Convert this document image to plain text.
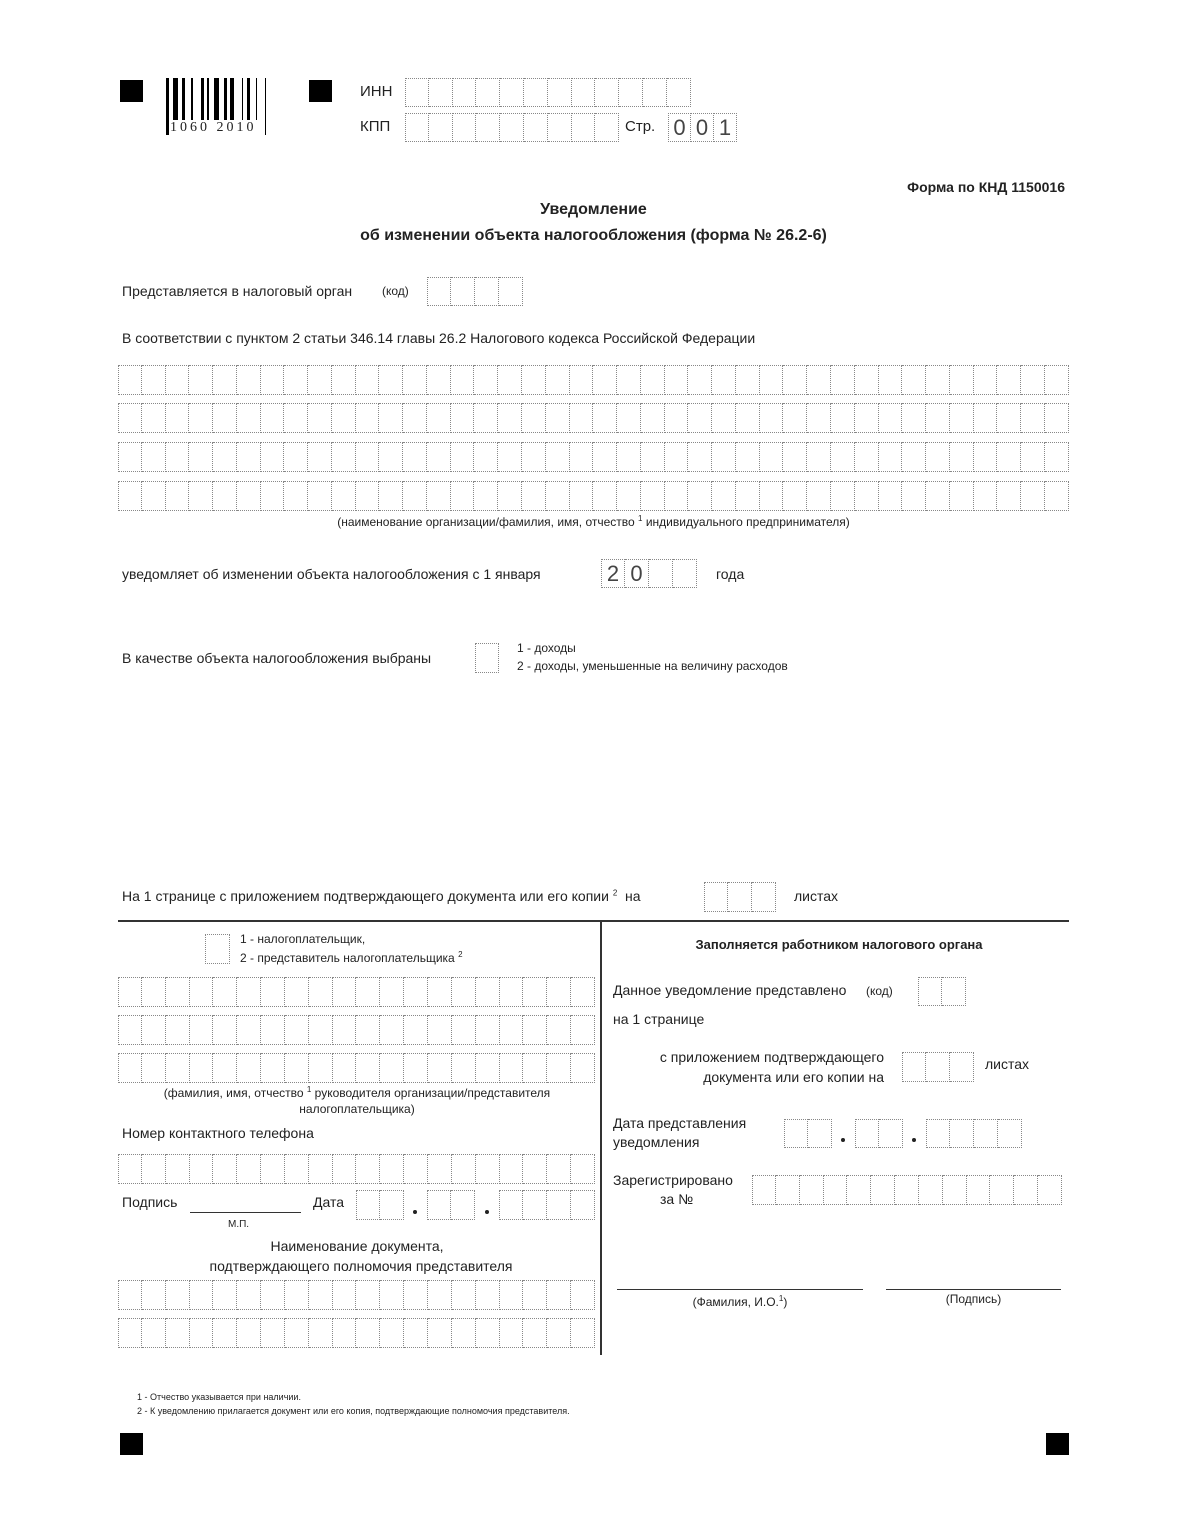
1060 2010
ИНН
КПП	Стр. 0 0 1
Форма по КНД 1150016
Уведомление
об изменении объекта налогообложения (форма № 26.2-6)
Представляется в налоговый орган (код)
В соответствии с пунктом 2 статьи 346.14 главы 26.2 Налогового кодекса Российской Федерации
(наименование организации/фамилия, имя, отчество $^1$ индивидуального предпринимателя)
уведомляет об изменении объекта налогообложения с 1 января	2 0	года
В качестве объекта налогообложения выбраны
1 - доходы
2 - доходы, уменьшенные на величину расходов
На 1 странице с приложением подтверждающего документа или его копии $^2$ на	листах
1 - налогоплательщик,
2 - представитель налогоплательщика $^2$
(фамилия, имя, отчество $^1$ руководителя организации/представителя
налогоплательщика)
Номер контактного телефона
Подпись	Дата
М.П.
Наименование документа,
подтверждающего полномочия представителя
Заполняется работником налогового органа
Данное уведомление представлено (код)
на 1 странице
с приложением подтверждающего
документа или его копии на
листах
Дата представления
уведомления
Зарегистрировано
за №
(Фамилия, И.О.$^1$)	(Подпись)
1 - Отчество указывается при наличии.
2 - К уведомлению прилагается документ или его копия, подтверждающие полномочия представителя.
